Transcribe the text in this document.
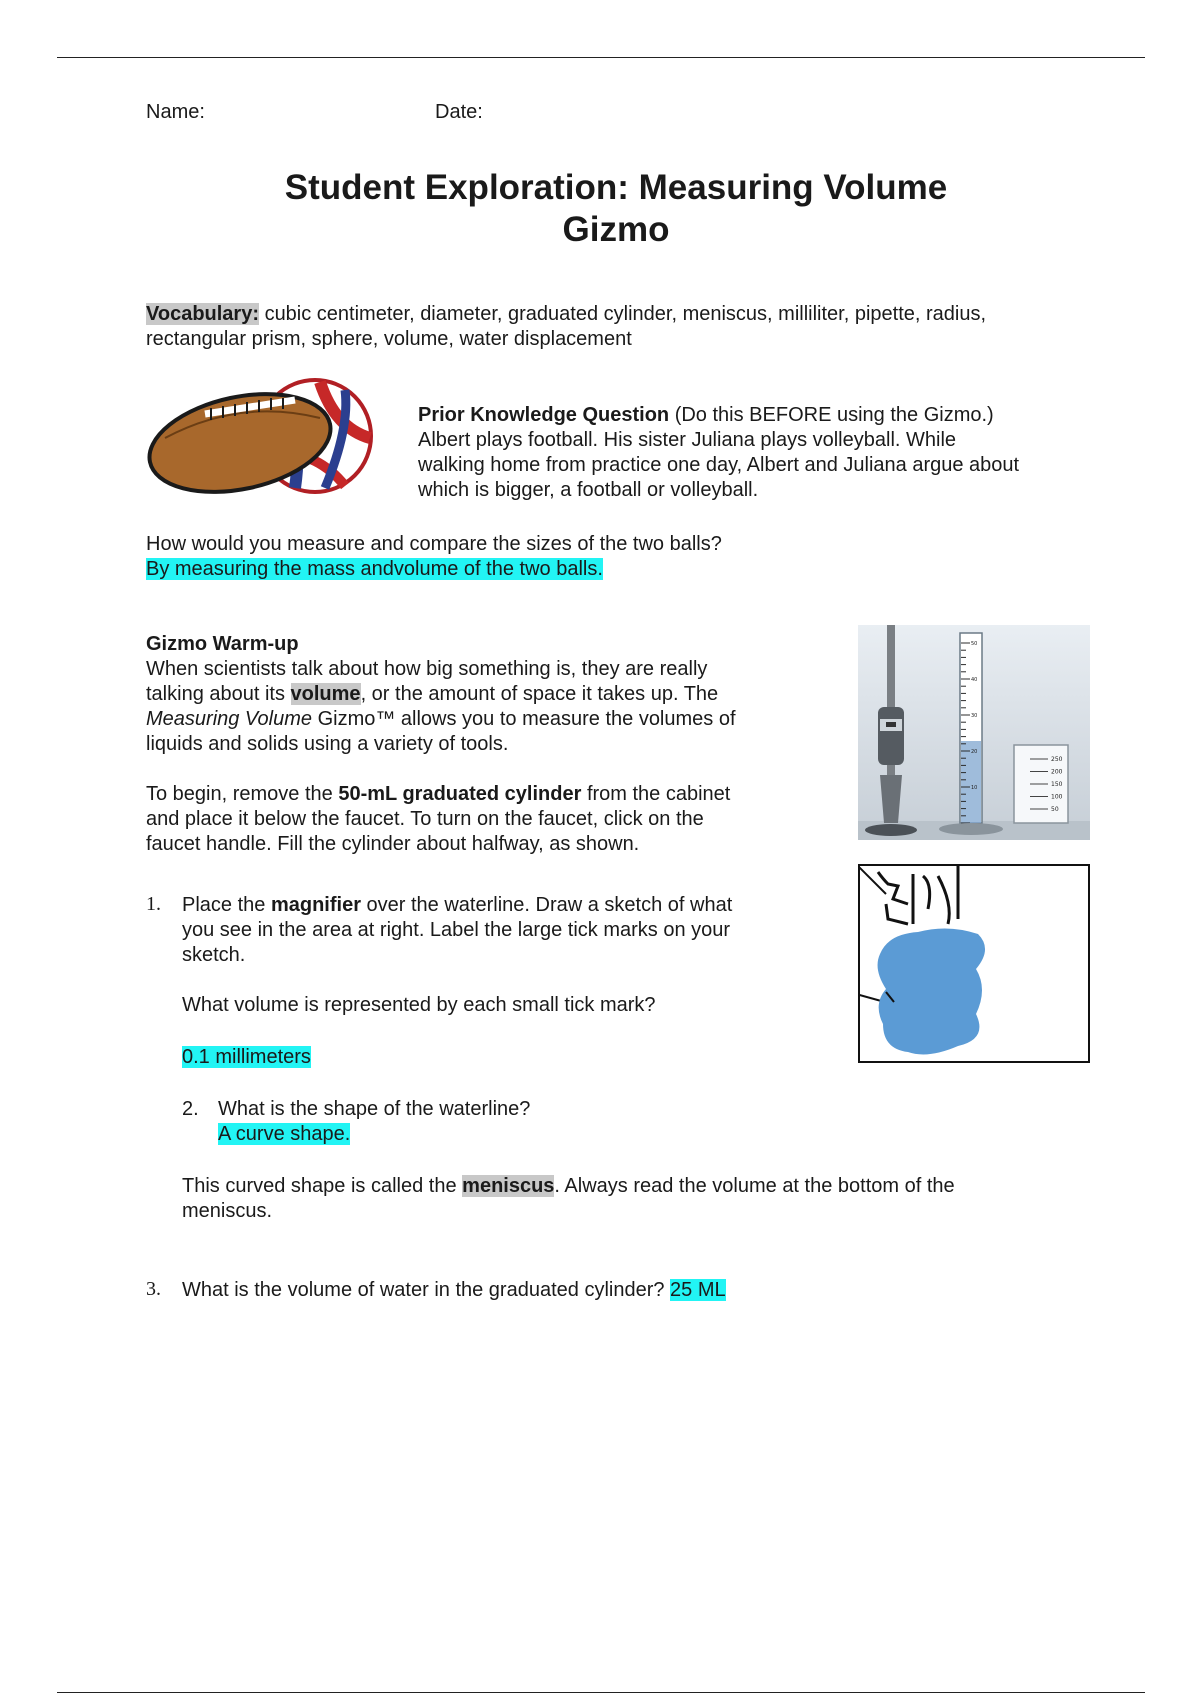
Name:	Date:
Student Exploration: Measuring Volume
Gizmo
Vocabulary: cubic centimeter, diameter, graduated cylinder, meniscus, milliliter, pipette, radius,
rectangular prism, sphere, volume, water displacement
Prior Knowledge Question (Do this BEFORE using the Gizmo.)
Albert plays football. His sister Juliana plays volleyball. While
walking home from practice one day, Albert and Juliana argue about
which is bigger, a football or volleyball.
How would you measure and compare the sizes of the two balls?
By measuring the mass andvolume of the two balls.
Gizmo Warm-up
When scientists talk about how big something is, they are really
talking about its volume, or the amount of space it takes up. The
Measuring Volume Gizmo™ allows you to measure the volumes of
liquids and solids using a variety of tools.
To begin, remove the 50-mL graduated cylinder from the cabinet
and place it below the faucet. To turn on the faucet, click on the
faucet handle. Fill the cylinder about halfway, as shown.
50
40
30
20
10
250
200
150
100
50
1. Place the magnifier over the waterline. Draw a sketch of what
you see in the area at right. Label the large tick marks on your
sketch.
What volume is represented by each small tick mark?
0.1 millimeters
2. What is the shape of the waterline?
A curve shape.
This curved shape is called the meniscus. Always read the volume at the bottom of the
meniscus.
3. What is the volume of water in the graduated cylinder? 25 ML
